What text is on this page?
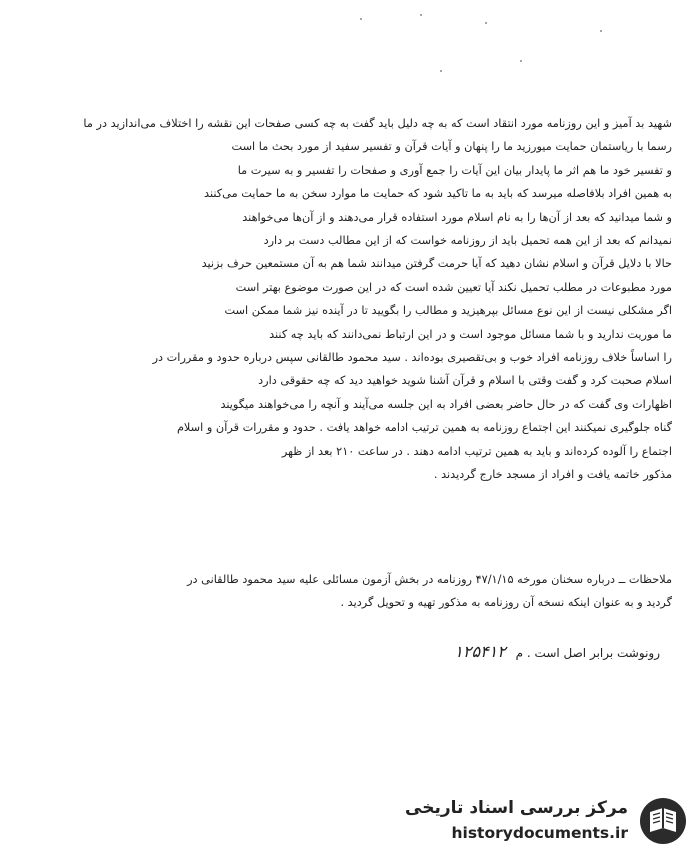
شهید بد آمیز و این روزنامه مورد انتقاد است که به چه دلیل باید گفت به چه کسی صفحات این نقشه را اختلاف می‌اندازید در ما

رسما با ریاستمان حمایت میورزید ما را پنهان و آیات قرآن و تفسیر سفید از مورد بحث ما است

و تفسیر خود ما هم اثر ما پایدار بیان این آیات را جمع آوری و صفحات را تفسیر و به سیرت ما

به همین افراد بلافاصله میرسد که باید به ما تاکید شود که حمایت ما موارد سخن به ما حمایت می‌کنند

و شما میدانید که بعد از آن‌ها را به نام اسلام مورد استفاده قرار می‌دهند و از آن‌ها می‌خواهند

نمیدانم که بعد از این همه تحمیل باید از روزنامه خواست که از این مطالب دست بر دارد

حالا با دلایل قرآن و اسلام نشان دهید که آیا حرمت گرفتن میدانند شما هم به آن مستمعین حرف بزنید

مورد مطبوعات در مطلب تحمیل نکند آیا تعیین شده است که در این صورت موضوع بهتر است

اگر مشکلی نیست از این نوع مسائل بپرهیزید و مطالب را بگویید تا در آینده نیز شما ممکن است

ما موریت ندارید و با شما مسائل موجود است و در این ارتباط نمی‌دانند که باید چه کنند

را اساساً خلاف روزنامه افراد خوب و بی‌تقصیری بوده‌اند . سید محمود طالقانی سپس درباره حدود و مقررات در

اسلام صحبت کرد و گفت وقتی با اسلام و قرآن آشنا شوید خواهید دید که چه حقوقی دارد

اظهارات وی گفت که در حال حاضر بعضی افراد به این جلسه می‌آیند و آنچه را می‌خواهند میگویند

گناه جلوگیری نمیکنند این اجتماع روزنامه به همین ترتیب ادامه خواهد یافت . حدود و مقررات قرآن و اسلام

اجتماع را آلوده کرده‌اند و باید به همین ترتیب ادامه دهند . در ساعت ۲۱۰ بعد از ظهر

مذکور خاتمه یافت و افراد از مسجد خارج گردیدند .

ملاحظات ــ درباره سخنان مورخه ۴۷/۱/۱۵ روزنامه در بخش آزمون مسائلی علیه سید محمود طالقانی در

گردید و به عنوان اینکه نسخه آن روزنامه به مذکور تهیه و تحویل گردید .

رونوشت برابر اصل است . م ۱۲۵۴۱۲
مرکز بررسی اسناد تاریخی
historydocuments.ir
